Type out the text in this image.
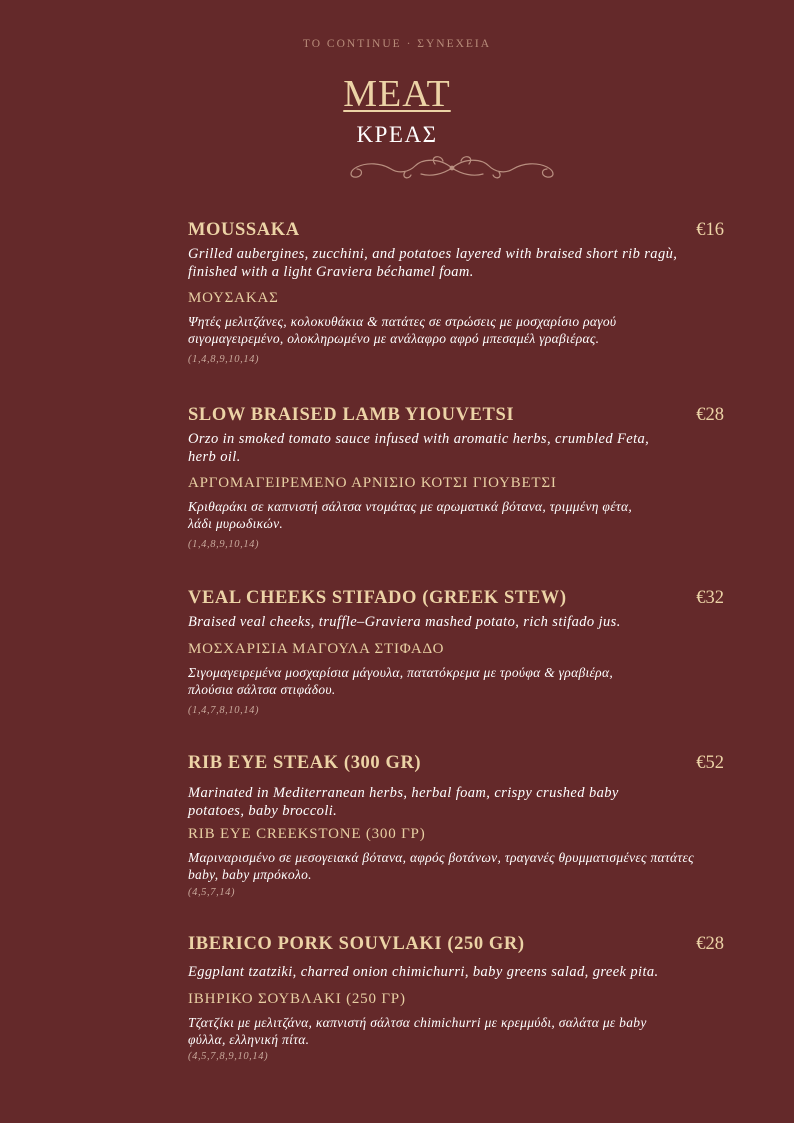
TO CONTINUE · ΣΥΝΕΧΕΙΑ
MEAT
ΚΡΕΑΣ
MOUSSAKA	€16
Grilled aubergines, zucchini, and potatoes layered with braised short rib ragù, finished with a light Graviera béchamel foam.
ΜΟΥΣΑΚΑΣ
Ψητές μελιτζάνες, κολοκυθάκια & πατάτες σε στρώσεις με μοσχαρίσιο ραγού σιγομαγειρεμένο, ολοκληρωμένο με ανάλαφρο αφρό μπεσαμέλ γραβιέρας.
(1,4,8,9,10,14)
SLOW BRAISED LAMB YIOUVETSI	€28
Orzo in smoked tomato sauce infused with aromatic herbs, crumbled Feta, herb oil.
ΑΡΓΟΜΑΓΕΙΡΕΜΕΝΟ ΑΡΝΙΣΙΟ ΚΟΤΣΙ ΓΙΟΥΒΕΤΣΙ
Κριθαράκι σε καπνιστή σάλτσα ντομάτας με αρωματικά βότανα, τριμμένη φέτα, λάδι μυρωδικών.
(1,4,8,9,10,14)
VEAL CHEEKS STIFADO (GREEK STEW)	€32
Braised veal cheeks, truffle–Graviera mashed potato, rich stifado jus.
ΜΟΣΧΑΡΙΣΙΑ ΜΑΓΟΥΛΑ ΣΤΙΦΑΔΟ
Σιγομαγειρεμένα μοσχαρίσια μάγουλα, πατατόκρεμα με τρούφα & γραβιέρα, πλούσια σάλτσα στιφάδου.
(1,4,7,8,10,14)
RIB EYE STEAK (300 GR)	€52
Marinated in Mediterranean herbs, herbal foam, crispy crushed baby potatoes, baby broccoli.
RIB EYE CREEKSTONE (300 ΓΡ)
Μαριναρισμένο σε μεσογειακά βότανα, αφρός βοτάνων, τραγανές θρυμματισμένες πατάτες baby, baby μπρόκολο.
(4,5,7,14)
IBERICO PORK SOUVLAKI (250 GR)	€28
Eggplant tzatziki, charred onion chimichurri, baby greens salad, greek pita.
ΙΒΗΡΙΚΟ ΣΟΥΒΛΑΚΙ (250 ΓΡ)
Τζατζίκι με μελιτζάνα, καπνιστή σάλτσα chimichurri με κρεμμύδι, σαλάτα με baby φύλλα, ελληνική πίτα.
(4,5,7,8,9,10,14)
